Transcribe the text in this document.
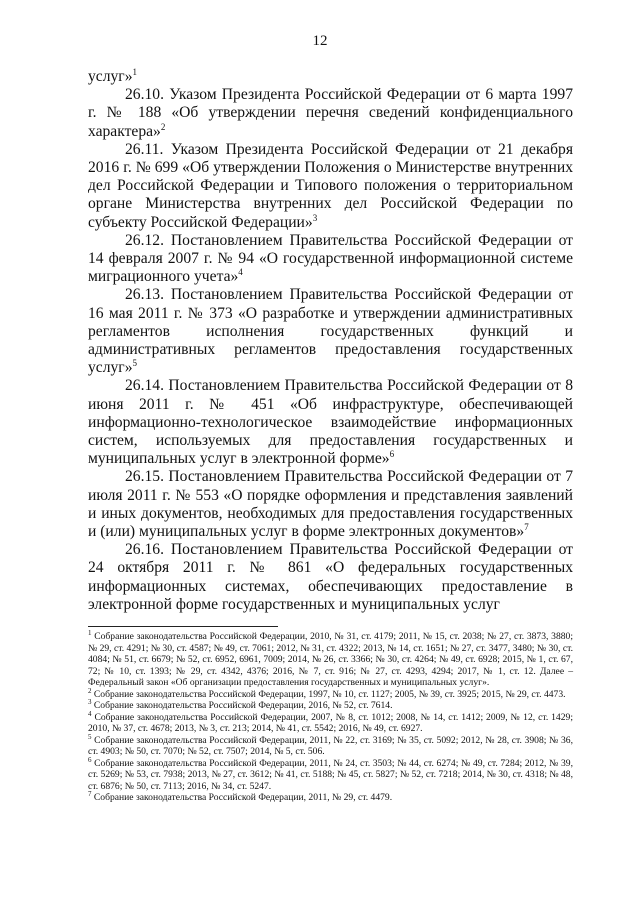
12

услуг»$^1$

26.10. Указом Президента Российской Федерации от 6 марта 1997 г. № 188 «Об утверждении перечня сведений конфиденциального характера»$^2$

26.11. Указом Президента Российской Федерации от 21 декабря 2016 г. № 699 «Об утверждении Положения о Министерстве внутренних дел Российской Федерации и Типового положения о территориальном органе Министерства внутренних дел Российской Федерации по субъекту Российской Федерации»$^3$

26.12. Постановлением Правительства Российской Федерации от 14 февраля 2007 г. № 94 «О государственной информационной системе миграционного учета»$^4$

26.13. Постановлением Правительства Российской Федерации от 16 мая 2011 г. № 373 «О разработке и утверждении административных регламентов исполнения государственных функций и административных регламентов предоставления государственных услуг»$^5$

26.14. Постановлением Правительства Российской Федерации от 8 июня 2011 г. № 451 «Об инфраструктуре, обеспечивающей информационно-технологическое взаимодействие информационных систем, используемых для предоставления государственных и муниципальных услуг в электронной форме»$^6$

26.15. Постановлением Правительства Российской Федерации от 7 июля 2011 г. № 553 «О порядке оформления и представления заявлений и иных документов, необходимых для предоставления государственных и (или) муниципальных услуг в форме электронных документов»$^7$

26.16. Постановлением Правительства Российской Федерации от 24 октября 2011 г. № 861 «О федеральных государственных информационных системах, обеспечивающих предоставление в электронной форме государственных и муниципальных услуг

$^1$ Собрание законодательства Российской Федерации, 2010, № 31, ст. 4179; 2011, № 15, ст. 2038; № 27, ст. 3873, 3880; № 29, ст. 4291; № 30, ст. 4587; № 49, ст. 7061; 2012, № 31, ст. 4322; 2013, № 14, ст. 1651; № 27, ст. 3477, 3480; № 30, ст. 4084; № 51, ст. 6679; № 52, ст. 6952, 6961, 7009; 2014, № 26, ст. 3366; № 30, ст. 4264; № 49, ст. 6928; 2015, № 1, ст. 67, 72; № 10, ст. 1393; № 29, ст. 4342, 4376; 2016, № 7, ст. 916; № 27, ст. 4293, 4294; 2017, № 1, ст. 12. Далее – Федеральный закон «Об организации предоставления государственных и муниципальных услуг».

$^2$ Собрание законодательства Российской Федерации, 1997, № 10, ст. 1127; 2005, № 39, ст. 3925; 2015, № 29, ст. 4473.

$^3$ Собрание законодательства Российской Федерации, 2016, № 52, ст. 7614.

$^4$ Собрание законодательства Российской Федерации, 2007, № 8, ст. 1012; 2008, № 14, ст. 1412; 2009, № 12, ст. 1429; 2010, № 37, ст. 4678; 2013, № 3, ст. 213; 2014, № 41, ст. 5542; 2016, № 49, ст. 6927.

$^5$ Собрание законодательства Российской Федерации, 2011, № 22, ст. 3169; № 35, ст. 5092; 2012, № 28, ст. 3908; № 36, ст. 4903; № 50, ст. 7070; № 52, ст. 7507; 2014, № 5, ст. 506.

$^6$ Собрание законодательства Российской Федерации, 2011, № 24, ст. 3503; № 44, ст. 6274; № 49, ст. 7284; 2012, № 39, ст. 5269; № 53, ст. 7938; 2013, № 27, ст. 3612; № 41, ст. 5188; № 45, ст. 5827; № 52, ст. 7218; 2014, № 30, ст. 4318; № 48, ст. 6876; № 50, ст. 7113; 2016, № 34, ст. 5247.

$^7$ Собрание законодательства Российской Федерации, 2011, № 29, ст. 4479.
